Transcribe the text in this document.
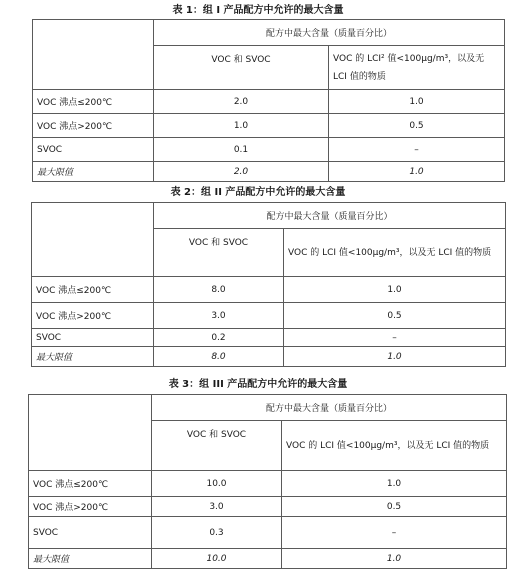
表 1：组 I 产品配方中允许的最大含量
	配方中最大含量（质量百分比）	
	VOC 和 SVOC	VOC 的 LCI² 值<100μg/m³，以及无 LCI 值的物质
VOC 沸点≤200℃	2.0	1.0
VOC 沸点>200℃	1.0	0.5
SVOC	0.1	–
最大限值	2.0	1.0
表 2：组 II 产品配方中允许的最大含量
	配方中最大含量（质量百分比）	
	VOC 和 SVOC	VOC 的 LCI 值<100μg/m³，以及无 LCI 值的物质
VOC 沸点≤200℃	8.0	1.0
VOC 沸点>200℃	3.0	0.5
SVOC	0.2	–
最大限值	8.0	1.0
表 3：组 III 产品配方中允许的最大含量
	配方中最大含量（质量百分比）	
	VOC 和 SVOC	VOC 的 LCI 值<100μg/m³，以及无 LCI 值的物质
VOC 沸点≤200℃	10.0	1.0
VOC 沸点>200℃	3.0	0.5
SVOC	0.3	–
最大限值	10.0	1.0
